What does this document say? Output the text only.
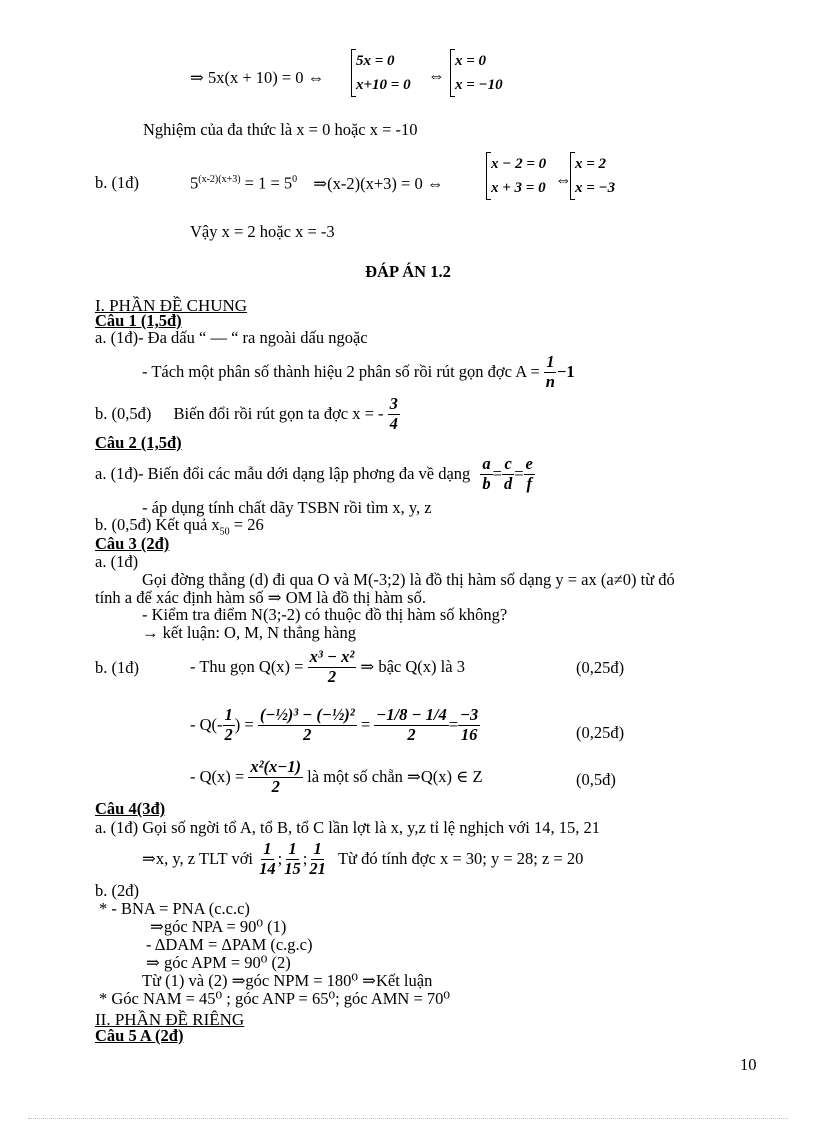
⇒ 5x(x + 10) = 0 ⇔
5x = 0
x+10 = 0 ⇔
x = 0
x = −10
Nghiệm của đa thức là x = 0 hoặc x = -10
b. (1đ)	$5^{(x-2)(x+3)} = 1 = 5^0$ ⇒(x-2)(x+3) = 0 ⇔
x − 2 = 0
x + 3 = 0 ⇔
x = 2
x = −3
Vậy x = 2 hoặc x = -3
ĐÁP ÁN 1.2
I. PHẦN ĐỀ CHUNG
Câu 1 (1,5đ)
a. (1đ)- Đa dấu “ — “ ra ngoài dấu ngoặc
- Tách một phân số thành hiệu 2 phân số rồi rút gọn đợc $A = \frac{1}{n} -1$
b. (0,5đ) Biến đổi rồi rút gọn ta đợc x = - $\frac{3}{4}$
Câu 2 (1,5đ)
a. (1đ)- Biến đổi các mẫu dới dạng lập phơng đa về dạng $\frac{a}{b} = \frac{c}{d} = \frac{e}{f}$
- áp dụng tính chất dãy TSBN rồi tìm x, y, z
b. (0,5đ) Kết quả $x_{50} = 26$
Câu 3 (2đ)
a. (1đ)
Gọi đờng thẳng (d) đi qua O và M(-3;2) là đồ thị hàm số dạng y = ax (a≠0) từ đó
tính a để xác định hàm số ⇒ OM là đồ thị hàm số.
- Kiểm tra điểm N(3;-2) có thuộc đồ thị hàm số không?
→ kết luận: O, M, N thẳng hàng
b. (1đ)	- Thu gọn $Q(x) = \frac{\text{x³ − x²}}{2}$ ⇒ bậc Q(x) là 3	(0,25đ)
- $Q(- \frac{1}{2}$ ) = $\frac{\text{(−½)³ − (−½)²}}{2} = \frac{-1/8 - 1/4}{2} = \frac{-3}{16}$	(0,25đ)
- $Q(x) = \frac{\text{x²(x−1)}}{2}$ là một số chẵn ⇒Q(x) ∈ Z	(0,5đ)
Câu 4(3đ)
a. (1đ) Gọi số ngời tổ A, tổ B, tổ C lần lợt là x, y,z tỉ lệ nghịch với 14, 15, 21
⇒x, y, z TLT với $\frac{1}{14}$ ; $\frac{1}{15}$ ; $\frac{1}{21}$ Từ đó tính đợc x = 30; y = 28; z = 20
b. (2đ)
* - BNA = PNA (c.c.c)
⇒góc NPA = 90⁰ (1)
- ΔDAM = ΔPAM (c.g.c)
⇒ góc APM = 90⁰ (2)
Từ (1) và (2) ⇒góc NPM = 180⁰ ⇒Kết luận
* Góc NAM = 45⁰ ; góc ANP = 65⁰; góc AMN = 70⁰
II. PHẦN ĐỀ RIÊNG
Câu 5 A (2đ)
10
